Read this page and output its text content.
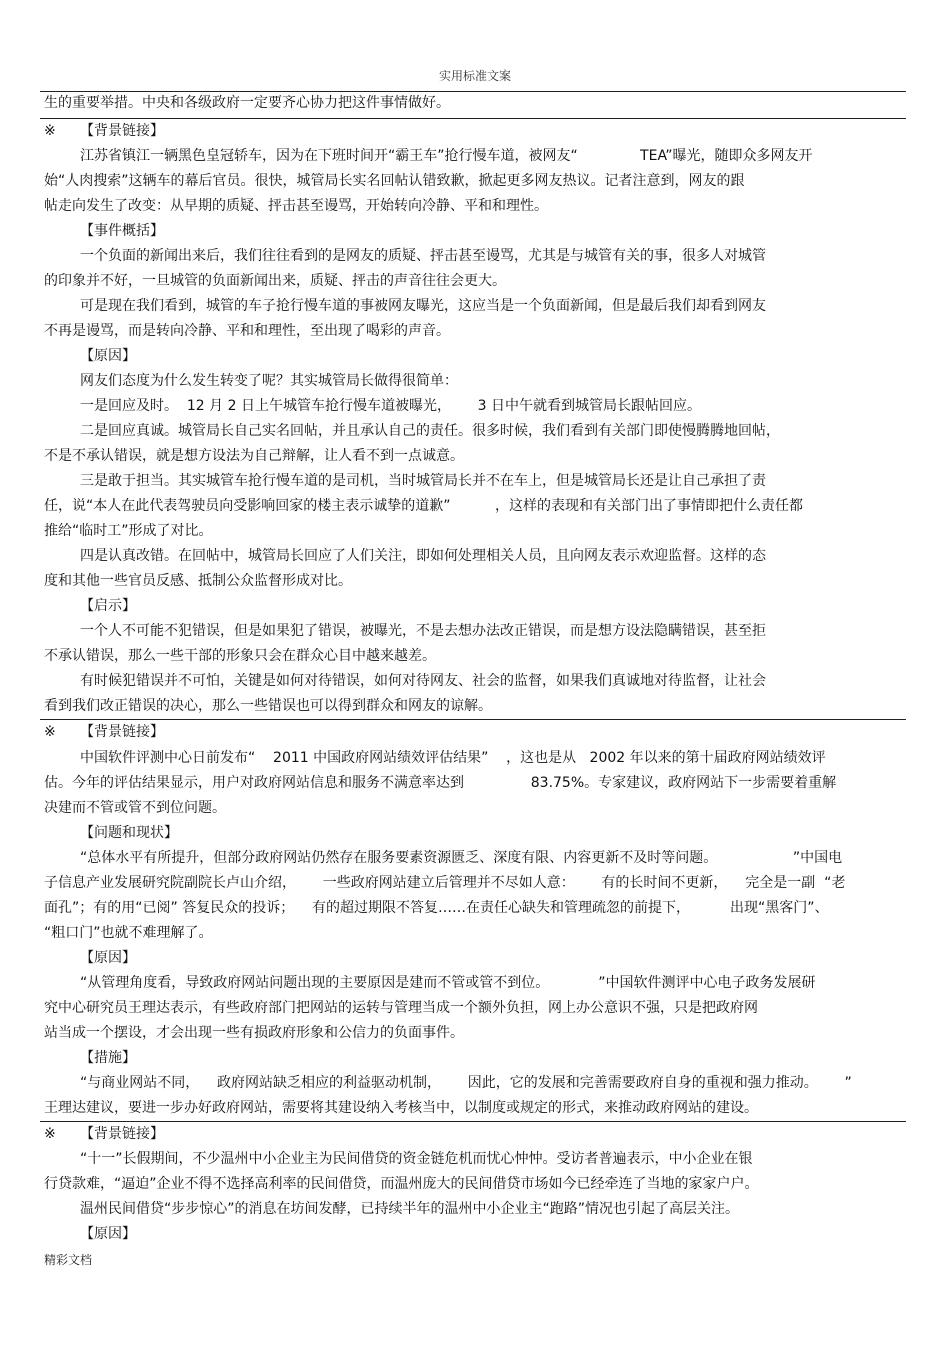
实用标准文案
生的重要举措。中央和各级政府一定要齐心协力把这件事情做好。
※ 【背景链接】
江苏省镇江一辆黑色皇冠轿车，因为在下班时间开“霸王车”抢行慢车道，被网友“              TEA”曝光，随即众多网友开
始“人肉搜索”这辆车的幕后官员。很快，城管局长实名回帖认错致歉，掀起更多网友热议。记者注意到，网友的跟
帖走向发生了改变：从早期的质疑、抨击甚至谩骂，开始转向冷静、平和和理性。
【事件概括】
一个负面的新闻出来后，我们往往看到的是网友的质疑、抨击甚至谩骂，尤其是与城管有关的事，很多人对城管
的印象并不好，一旦城管的负面新闻出来，质疑、抨击的声音往往会更大。
可是现在我们看到，城管的车子抢行慢车道的事被网友曝光，这应当是一个负面新闻，但是最后我们却看到网友
不再是谩骂，而是转向冷静、平和和理性，至出现了喝彩的声音。
【原因】
网友们态度为什么发生转变了呢？其实城管局长做得很简单：
一是回应及时。  12 月 2 日上午城管车抢行慢车道被曝光，      3 日中午就看到城管局长跟帖回应。
二是回应真诚。城管局长自己实名回帖，并且承认自己的责任。很多时候，我们看到有关部门即使慢腾腾地回帖，
不是不承认错误，就是想方设法为自己辩解，让人看不到一点诚意。
三是敢于担当。其实城管车抢行慢车道的是司机，当时城管局长并不在车上，但是城管局长还是让自己承担了责
任，说“本人在此代表驾驶员向受影响回家的楼主表示诚挚的道歉”          ，这样的表现和有关部门出了事情即把什么责任都
推给“临时工”形成了对比。
四是认真改错。在回帖中，城管局长回应了人们关注，即如何处理相关人员，且向网友表示欢迎监督。这样的态
度和其他一些官员反感、抵制公众监督形成对比。
【启示】
一个人不可能不犯错误，但是如果犯了错误，被曝光，不是去想办法改正错误，而是想方设法隐瞒错误，甚至拒
不承认错误，那么一些干部的形象只会在群众心目中越来越差。
有时候犯错误并不可怕，关键是如何对待错误，如何对待网友、社会的监督，如果我们真诚地对待监督，让社会
看到我们改正错误的决心，那么一些错误也可以得到群众和网友的谅解。
※ 【背景链接】
中国软件评测中心日前发布“    2011 中国政府网站绩效评估结果”    ，这也是从   2002 年以来的第十届政府网站绩效评
估。今年的评估结果显示，用户对政府网站信息和服务不满意率达到               83.75%。专家建议，政府网站下一步需要着重解
决建而不管或管不到位问题。
【问题和现状】
“总体水平有所提升，但部分政府网站仍然存在服务要素资源匮乏、深度有限、内容更新不及时等问题。                 ”中国电
子信息产业发展研究院副院长卢山介绍，      一些政府网站建立后管理并不尽如人意：      有的长时间不更新，    完全是一副  “老
面孔”；有的用“已阅” 答复民众的投诉；    有的超过期限不答复……在责任心缺失和管理疏忽的前提下，         出现“黑客门”、
“粗口门”也就不难理解了。
【原因】
“从管理角度看，导致政府网站问题出现的主要原因是建而不管或管不到位。           ”中国软件测评中心电子政务发展研
究中心研究员王理达表示，有些政府部门把网站的运转与管理当成一个额外负担，网上办公意识不强，只是把政府网
站当成一个摆设，才会出现一些有损政府形象和公信力的负面事件。
【措施】
“与商业网站不同，    政府网站缺乏相应的利益驱动机制，      因此，它的发展和完善需要政府自身的重视和强力推动。      ”
王理达建议，要进一步办好政府网站，需要将其建设纳入考核当中，以制度或规定的形式，来推动政府网站的建设。
※ 【背景链接】
“十一”长假期间，不少温州中小企业主为民间借贷的资金链危机而忧心忡忡。受访者普遍表示，中小企业在银
行贷款难，“逼迫”企业不得不选择高利率的民间借贷，而温州庞大的民间借贷市场如今已经牵连了当地的家家户户。
温州民间借贷“步步惊心”的消息在坊间发酵，已持续半年的温州中小企业主“跑路”情况也引起了高层关注。
【原因】
精彩文档
